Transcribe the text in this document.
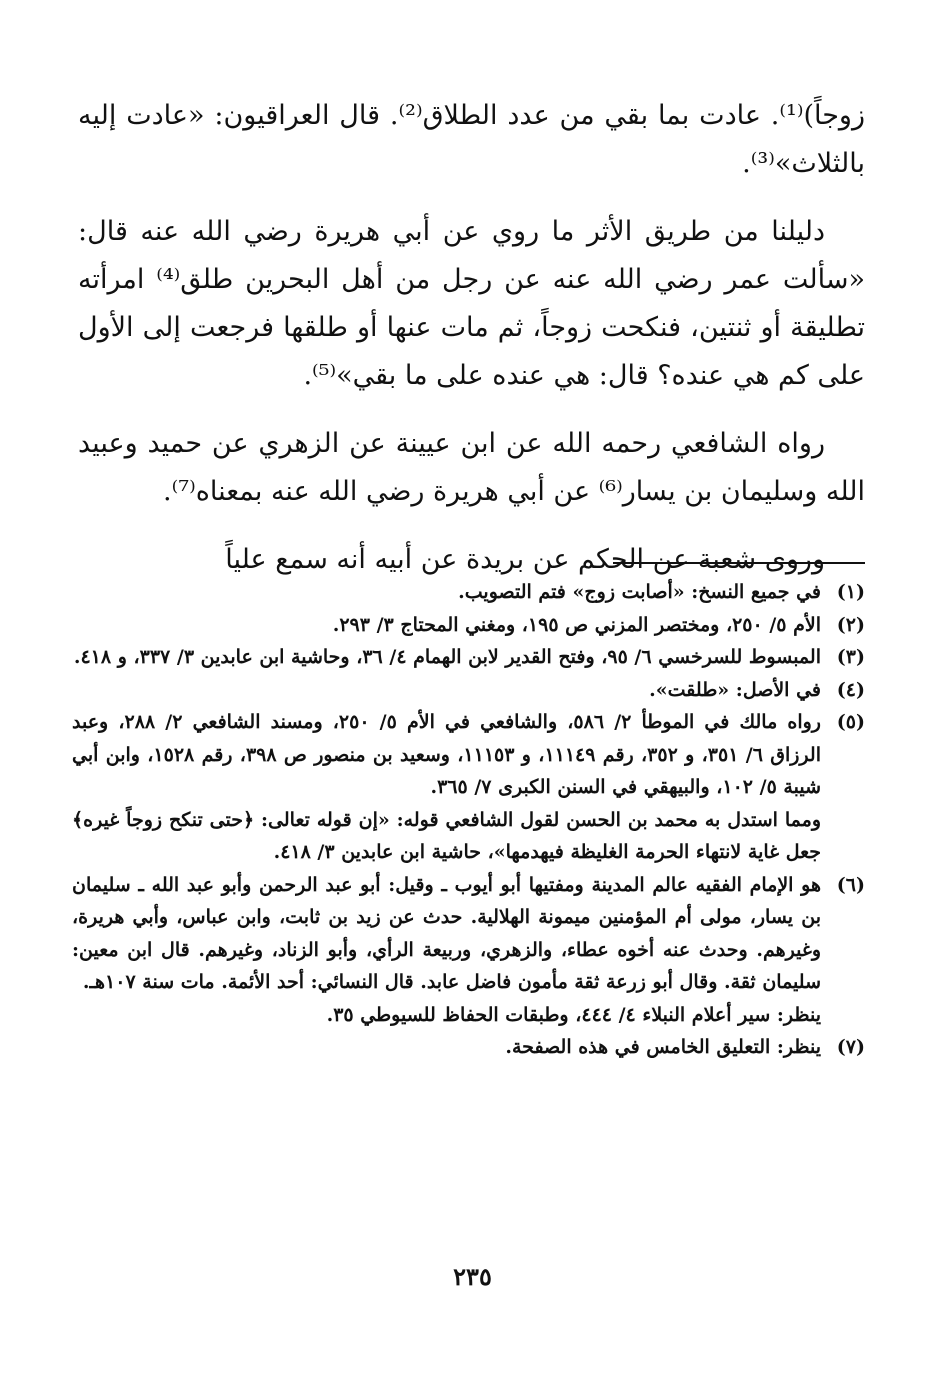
زوجاً)⁽¹⁾. عادت بما بقي من عدد الطلاق⁽²⁾. قال العراقيون: «عادت إليه بالثلاث»⁽³⁾.

دليلنا من طريق الأثر ما روي عن أبي هريرة رضي الله عنه قال: «سألت عمر رضي الله عنه عن رجل من أهل البحرين طلق⁽⁴⁾ امرأته تطليقة أو ثنتين، فنكحت زوجاً، ثم مات عنها أو طلقها فرجعت إلى الأول على كم هي عنده؟ قال: هي عنده على ما بقي»⁽⁵⁾.

رواه الشافعي رحمه الله عن ابن عيينة عن الزهري عن حميد وعبيد الله وسليمان بن يسار⁽⁶⁾ عن أبي هريرة رضي الله عنه بمعناه⁽⁷⁾.

وروى شعبة عن الحكم عن بريدة عن أبيه أنه سمع علياً

(١)
في جميع النسخ: «أصابت زوج» فتم التصويب.
(٢)
الأم ٥/ ٢٥٠، ومختصر المزني ص ١٩٥، ومغني المحتاج ٣/ ٢٩٣.
(٣)
المبسوط للسرخسي ٦/ ٩٥، وفتح القدير لابن الهمام ٤/ ٣٦، وحاشية ابن عابدين ٣/ ٣٣٧، و ٤١٨.
(٤)
في الأصل: «طلقت».
(٥)
رواه مالك في الموطأ ٢/ ٥٨٦، والشافعي في الأم ٥/ ٢٥٠، ومسند الشافعي ٢/ ٢٨٨، وعبد الرزاق ٦/ ٣٥١، و ٣٥٢، رقم ١١١٤٩، و ١١١٥٣، وسعيد بن منصور ص ٣٩٨، رقم ١٥٢٨، وابن أبي شيبة ٥/ ١٠٢، والبيهقي في السنن الكبرى ٧/ ٣٦٥.
ومما استدل به محمد بن الحسن لقول الشافعي قوله: «إن قوله تعالى: ﴿حتى تنكح زوجاً غيره﴾ جعل غاية لانتهاء الحرمة الغليظة فيهدمها»، حاشية ابن عابدين ٣/ ٤١٨.
(٦)
هو الإمام الفقيه عالم المدينة ومفتيها أبو أيوب ـ وقيل: أبو عبد الرحمن وأبو عبد الله ـ سليمان بن يسار، مولى أم المؤمنين ميمونة الهلالية. حدث عن زيد بن ثابت، وابن عباس، وأبي هريرة، وغيرهم. وحدث عنه أخوه عطاء، والزهري، وربيعة الرأي، وأبو الزناد، وغيرهم. قال ابن معين: سليمان ثقة. وقال أبو زرعة ثقة مأمون فاضل عابد. قال النسائي: أحد الأئمة. مات سنة ١٠٧هـ.
ينظر: سير أعلام النبلاء ٤/ ٤٤٤، وطبقات الحفاظ للسيوطي ٣٥.
(٧)
ينظر: التعليق الخامس في هذه الصفحة.
٢٣٥
